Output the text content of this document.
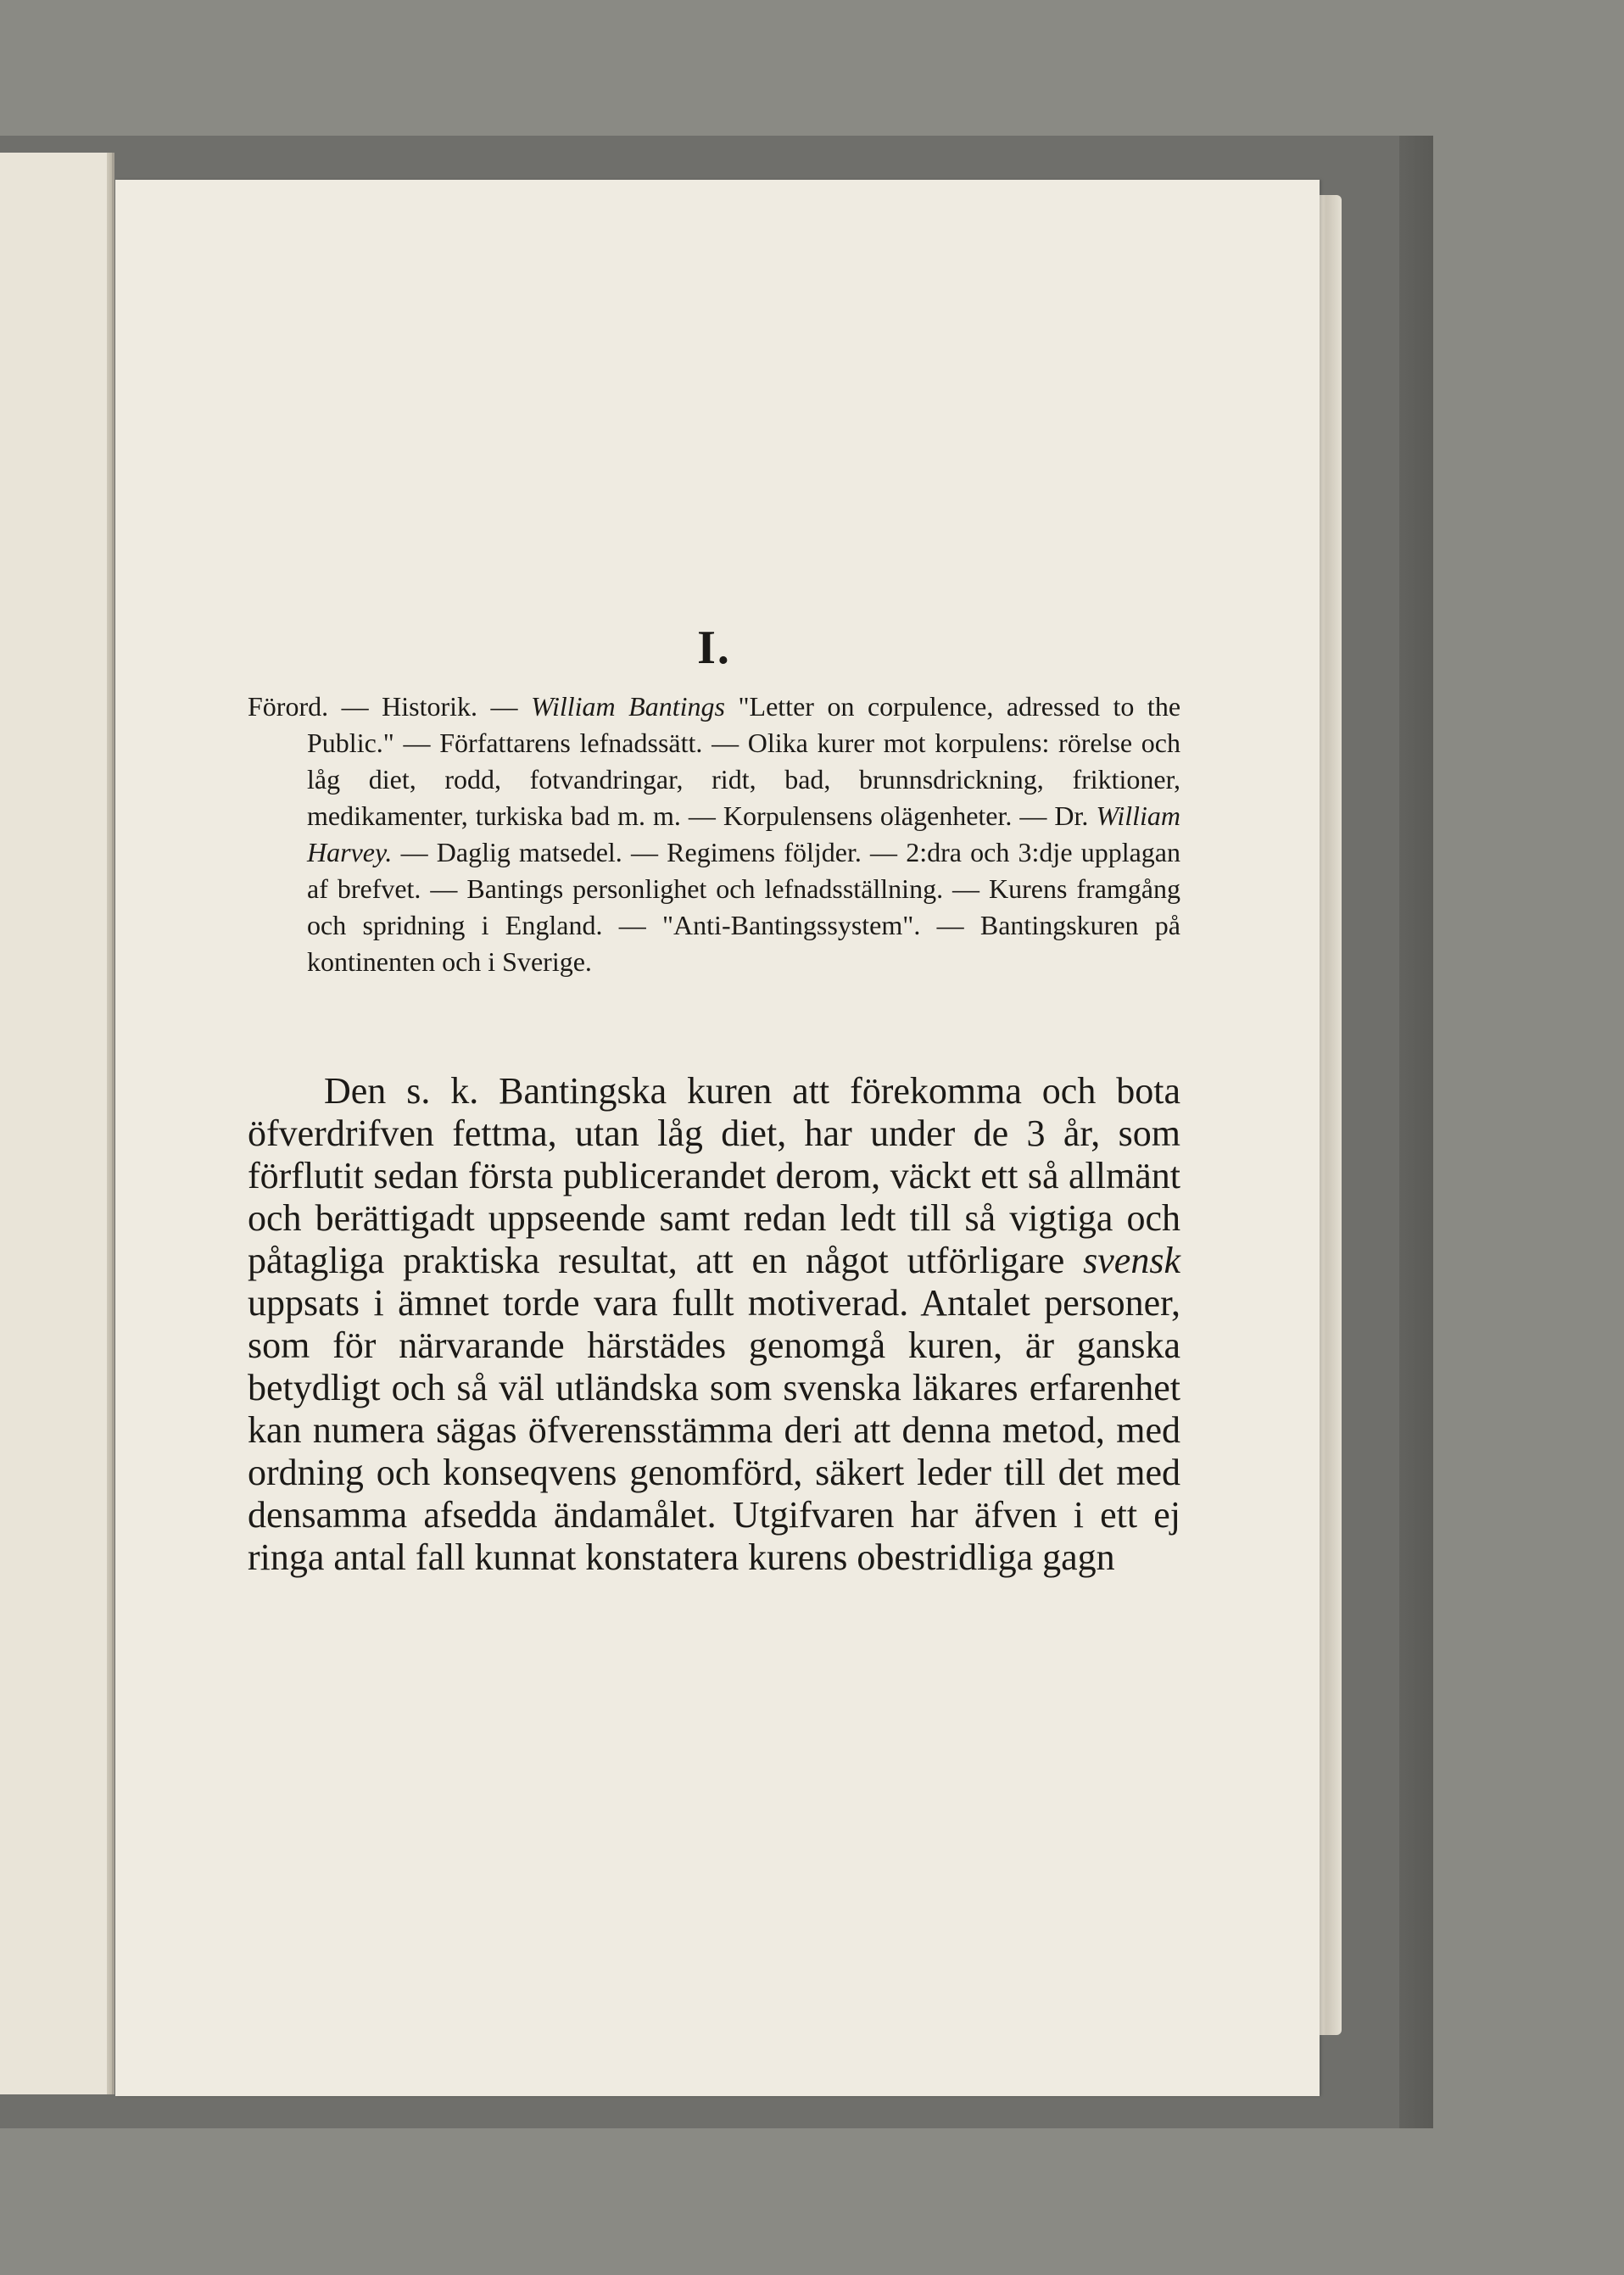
I.
Förord. — Historik. — William Bantings "Letter on corpulence, adressed to the Public." — Författarens lefnadssätt. — Olika kurer mot korpulens: rörelse och låg diet, rodd, fotvandringar, ridt, bad, brunnsdrickning, friktioner, medikamenter, turkiska bad m. m. — Korpulensens olägenheter. — Dr. William Harvey. — Daglig matsedel. — Regimens följder. — 2:dra och 3:dje upplagan af brefvet. — Bantings personlighet och lefnadsställning. — Kurens framgång och spridning i England. — "Anti-Bantingssystem". — Bantingskuren på kontinenten och i Sverige.
Den s. k. Bantingska kuren att förekomma och bota öfverdrifven fettma, utan låg diet, har under de 3 år, som förflutit sedan första publicerandet derom, väckt ett så allmänt och berättigadt uppseende samt redan ledt till så vigtiga och påtagliga praktiska resultat, att en något utförligare svensk uppsats i ämnet torde vara fullt motiverad. Antalet personer, som för närvarande härstädes genomgå kuren, är ganska betydligt och så väl utländska som svenska läkares erfarenhet kan numera sägas öfverensstämma deri att denna metod, med ordning och konseqvens genomförd, säkert leder till det med densamma afsedda ändamålet. Utgifvaren har äfven i ett ej ringa antal fall kunnat konstatera kurens obestridliga gagn
